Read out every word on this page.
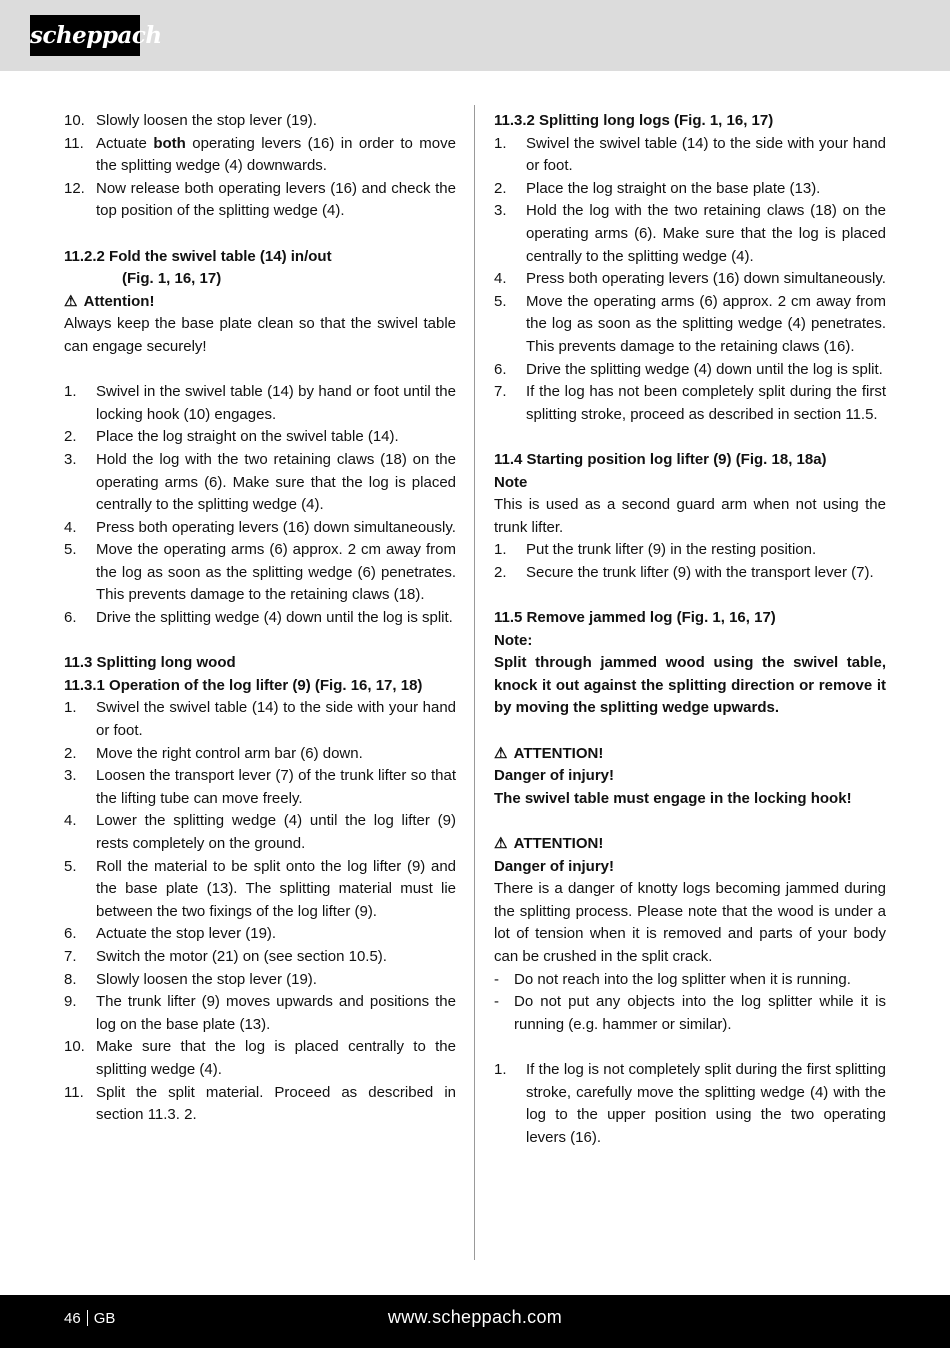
scheppach
10. Slowly loosen the stop lever (19).
11. Actuate both operating levers (16) in order to move the splitting wedge (4) downwards.
12. Now release both operating levers (16) and check the top position of the splitting wedge (4).

11.2.2 Fold the swivel table (14) in/out

(Fig. 1, 16, 17)

⚠ Attention!

Always keep the base plate clean so that the swivel table can engage securely!

1.	Swivel in the swivel table (14) by hand or foot until the locking hook (10) engages.
2.	Place the log straight on the swivel table (14).
3.	Hold the log with the two retaining claws (18) on the operating arms (6). Make sure that the log is placed centrally to the splitting wedge (4).
4.	Press both operating levers (16) down simultaneously.
5.	Move the operating arms (6) approx. 2 cm away from the log as soon as the splitting wedge (6) penetrates. This prevents damage to the retaining claws (18).
6.	Drive the splitting wedge (4) down until the log is split.

11.3 Splitting long wood

11.3.1 Operation of the log lifter (9) (Fig. 16, 17, 18)

1.	Swivel the swivel table (14) to the side with your hand or foot.
2.	Move the right control arm bar (6) down.
3.	Loosen the transport lever (7) of the trunk lifter so that the lifting tube can move freely.
4.	Lower the splitting wedge (4) until the log lifter (9) rests completely on the ground.
5.	Roll the material to be split onto the log lifter (9) and the base plate (13). The splitting material must lie between the two fixings of the log lifter (9).
6.	Actuate the stop lever (19).
7.	Switch the motor (21) on (see section 10.5).
8.	Slowly loosen the stop lever (19).
9.	The trunk lifter (9) moves upwards and positions the log on the base plate (13).
10. Make sure that the log is placed centrally to the splitting wedge (4).
11. Split the split material. Proceed as described in section 11.3. 2.

11.3.2 Splitting long logs (Fig. 1, 16, 17)

1.	Swivel the swivel table (14) to the side with your hand or foot.
2.	Place the log straight on the base plate (13).
3.	Hold the log with the two retaining claws (18) on the operating arms (6). Make sure that the log is placed centrally to the splitting wedge (4).
4.	Press both operating levers (16) down simultaneously.
5.	Move the operating arms (6) approx. 2 cm away from the log as soon as the splitting wedge (4) penetrates. This prevents damage to the retaining claws (16).
6.	Drive the splitting wedge (4) down until the log is split.
7.	If the log has not been completely split during the first splitting stroke, proceed as described in section 11.5.

11.4 Starting position log lifter (9) (Fig. 18, 18a)

Note

This is used as a second guard arm when not using the trunk lifter.

1.	Put the trunk lifter (9) in the resting position.
2.	Secure the trunk lifter (9) with the transport lever (7).

11.5 Remove jammed log (Fig. 1, 16, 17)

Note:

Split through jammed wood using the swivel table, knock it out against the splitting direction or remove it by moving the splitting wedge upwards.

⚠ ATTENTION!

Danger of injury!

The swivel table must engage in the locking hook!

⚠ ATTENTION!

Danger of injury!

There is a danger of knotty logs becoming jammed during the splitting process. Please note that the wood is under a lot of tension when it is removed and parts of your body can be crushed in the split crack.

-	Do not reach into the log splitter when it is running.
-	Do not put any objects into the log splitter while it is running (e.g. hammer or similar).
1.	If the log is not completely split during the first splitting stroke, carefully move the splitting wedge (4) with the log to the upper position using the two operating levers (16).
46 GB	www.scheppach.com
